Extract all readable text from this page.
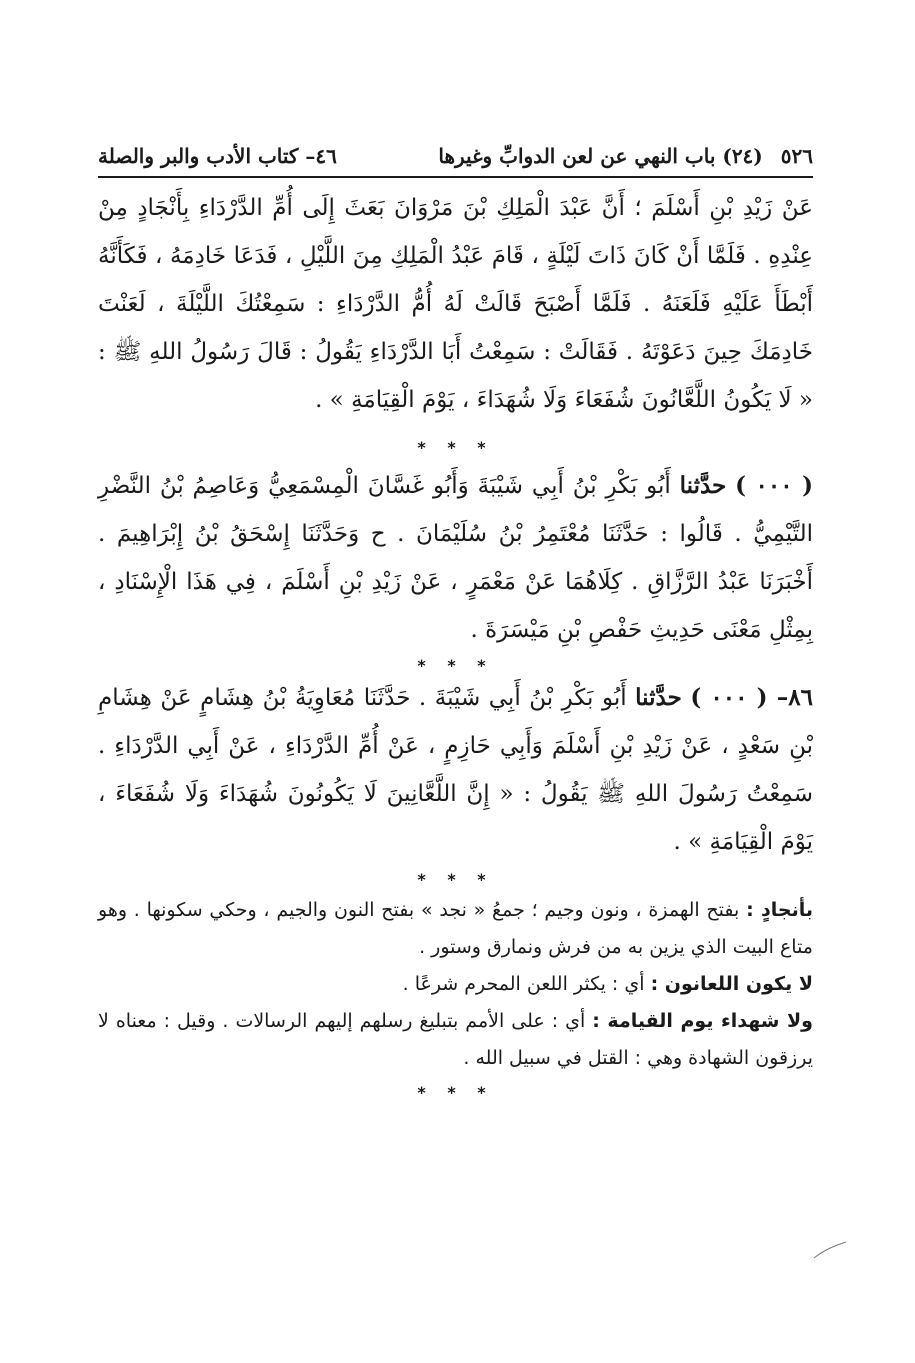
٥٢٦(٢٤) باب النهي عن لعن الدوابِّ وغيرها
٤٦– كتاب الأدب والبر والصلة

عَنْ زَيْدِ بْنِ أَسْلَمَ ؛ أَنَّ عَبْدَ الْمَلِكِ بْنَ مَرْوَانَ بَعَثَ إِلَى أُمِّ الدَّرْدَاءِ بِأَنْجَادٍ مِنْ عِنْدِهِ . فَلَمَّا أَنْ كَانَ ذَاتَ لَيْلَةٍ ، قَامَ عَبْدُ الْمَلِكِ مِنَ اللَّيْلِ ، فَدَعَا خَادِمَهُ ، فَكَأَنَّهُ أَبْطَأَ عَلَيْهِ فَلَعَنَهُ . فَلَمَّا أَصْبَحَ قَالَتْ لَهُ أُمُّ الدَّرْدَاءِ : سَمِعْتُكَ اللَّيْلَةَ ، لَعَنْتَ خَادِمَكَ حِينَ دَعَوْتَهُ . فَقَالَتْ : سَمِعْتُ أَبَا الدَّرْدَاءِ يَقُولُ : قَالَ رَسُولُ اللهِ ﷺ : « لَا يَكُونُ اللَّعَّانُونَ شُفَعَاءَ وَلَا شُهَدَاءَ ، يَوْمَ الْقِيَامَةِ » .

* * *

( ٠٠٠ ) حدَّثنا أَبُو بَكْرِ بْنُ أَبِي شَيْبَةَ وَأَبُو غَسَّانَ الْمِسْمَعِيُّ وَعَاصِمُ بْنُ النَّضْرِ التَّيْمِيُّ . قَالُوا : حَدَّثَنَا مُعْتَمِرُ بْنُ سُلَيْمَانَ . ح وَحَدَّثَنَا إِسْحَقُ بْنُ إِبْرَاهِيمَ . أَخْبَرَنَا عَبْدُ الرَّزَّاقِ . كِلَاهُمَا عَنْ مَعْمَرٍ ، عَنْ زَيْدِ بْنِ أَسْلَمَ ، فِي هَذَا الْإِسْنَادِ ، بِمِثْلِ مَعْنَى حَدِيثِ حَفْصِ بْنِ مَيْسَرَةَ .

* * *

٨٦– ( ٠٠٠ ) حدَّثنا أَبُو بَكْرِ بْنُ أَبِي شَيْبَةَ . حَدَّثَنَا مُعَاوِيَةُ بْنُ هِشَامٍ عَنْ هِشَامِ بْنِ سَعْدٍ ، عَنْ زَيْدِ بْنِ أَسْلَمَ وَأَبِي حَازِمٍ ، عَنْ أُمِّ الدَّرْدَاءِ ، عَنْ أَبِي الدَّرْدَاءِ . سَمِعْتُ رَسُولَ اللهِ ﷺ يَقُولُ : « إِنَّ اللَّعَّانِينَ لَا يَكُونُونَ شُهَدَاءَ وَلَا شُفَعَاءَ ، يَوْمَ الْقِيَامَةِ » .

* * *

بأنجادٍ : بفتح الهمزة ، ونون وجيم ؛ جمعُ « نجد » بفتح النون والجيم ، وحكي سكونها . وهو متاع البيت الذي يزين به من فرش ونمارق وستور .

لا يكون اللعانون : أي : يكثر اللعن المحرم شرعًا .

ولا شهداء يوم القيامة : أي : على الأمم بتبليغ رسلهم إليهم الرسالات . وقيل : معناه لا يرزقون الشهادة وهي : القتل في سبيل الله .

* * *
